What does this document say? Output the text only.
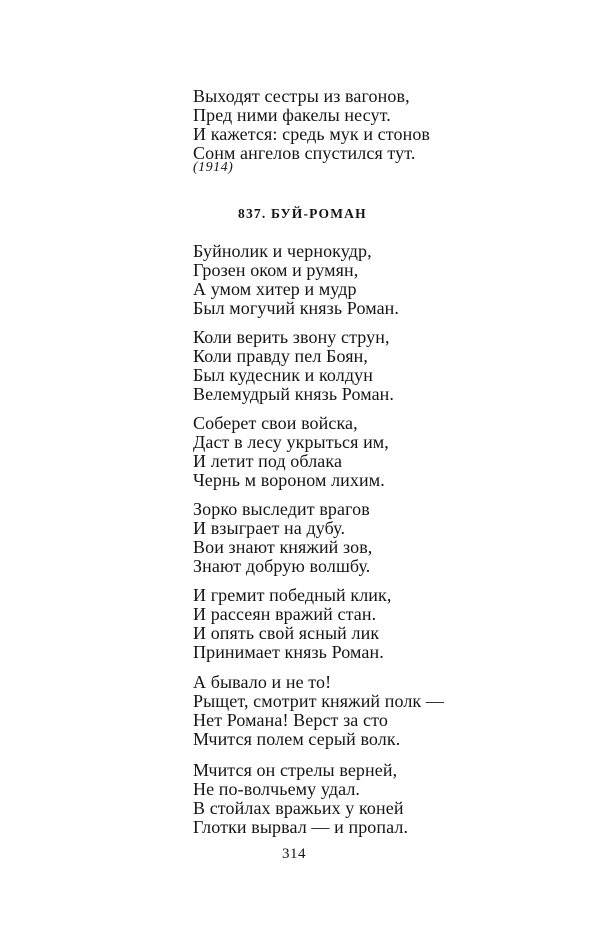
Выходят сестры из вагонов,
Пред ними факелы несут.
И кажется: средь мук и стонов
Сонм ангелов спустился тут.
(1914)
837. БУЙ-РОМАН
Буйнолик и чернокудр,
Грозен оком и румян,
А умом хитер и мудр
Был могучий князь Роман.
Коли верить звону струн,
Коли правду пел Боян,
Был кудесник и колдун
Велемудрый князь Роман.
Соберет свои войска,
Даст в лесу укрыться им,
И летит под облака
Чернь м вороном лихим.
Зорко выследит врагов
И взыграет на дубу.
Вои знают княжий зов,
Знают добрую волшбу.
И гремит победный клик,
И рассеян вражий стан.
И опять свой ясный лик
Принимает князь Роман.
А бывало и не то!
Рыщет, смотрит княжий полк —
Нет Романа! Верст за сто
Мчится полем серый волк.
Мчится он стрелы верней,
Не по-волчьему удал.
В стойлах вражьих у коней
Глотки вырвал — и пропал.
314
